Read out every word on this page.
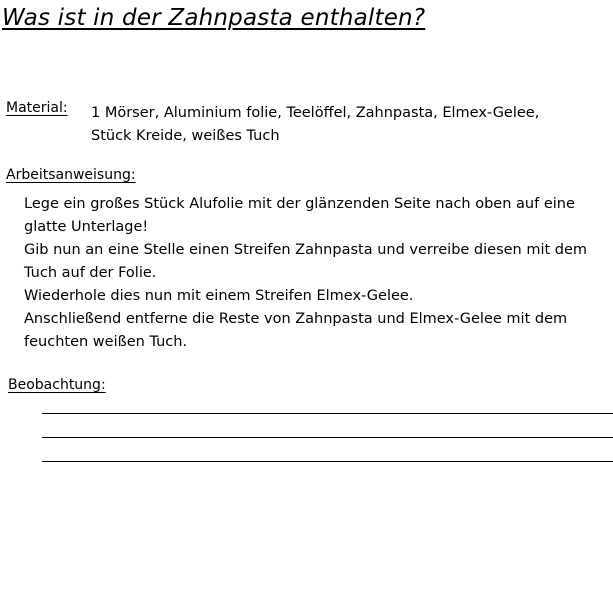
Was ist in der Zahnpasta enthalten?
Material: 1 Mörser, Aluminium folie, Teelöffel, Zahnpasta, Elmex-Gelee,
Stück Kreide, weißes Tuch
Arbeitsanweisung:
Lege ein großes Stück Alufolie mit der glänzenden Seite nach oben auf eine
glatte Unterlage!
Gib nun an eine Stelle einen Streifen Zahnpasta und verreibe diesen mit dem
Tuch auf der Folie.
Wiederhole dies nun mit einem Streifen Elmex-Gelee.
Anschließend entferne die Reste von Zahnpasta und Elmex-Gelee mit dem
feuchten weißen Tuch.
Beobachtung:
